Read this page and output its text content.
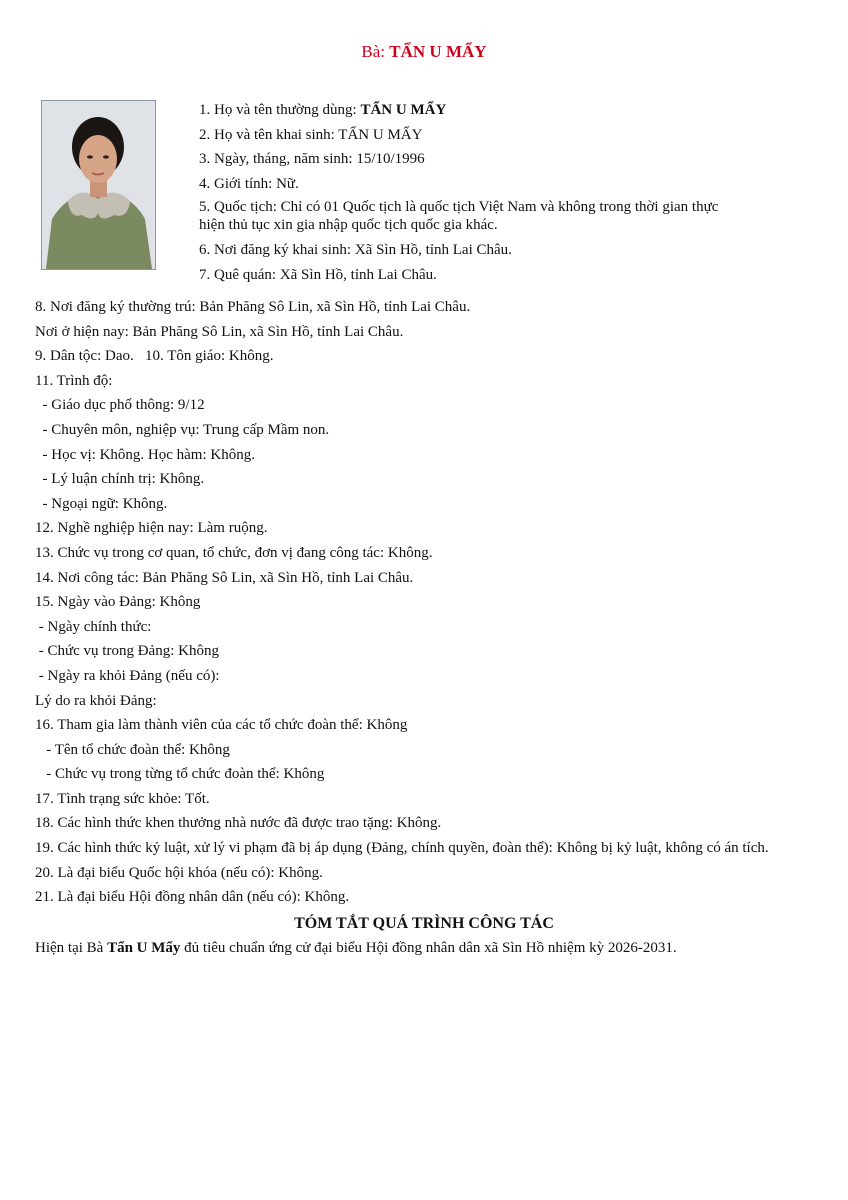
Bà: TẨN U MẨY
1. Họ và tên thường dùng: TẨN U MẨY
2. Họ và tên khai sinh: TẨN U MẨY
3. Ngày, tháng, năm sinh: 15/10/1996
4. Giới tính: Nữ.
5. Quốc tịch: Chỉ có 01 Quốc tịch là quốc tịch Việt Nam và không trong thời gian thực
hiện thủ tục xin gia nhập quốc tịch quốc gia khác.
6. Nơi đăng ký khai sinh: Xã Sìn Hồ, tỉnh Lai Châu.
7. Quê quán: Xã Sìn Hồ, tỉnh Lai Châu.
8. Nơi đăng ký thường trú: Bản Phăng Sô Lin, xã Sìn Hồ, tỉnh Lai Châu.
Nơi ở hiện nay: Bản Phăng Sô Lin, xã Sìn Hồ, tỉnh Lai Châu.
9. Dân tộc: Dao.   10. Tôn giáo: Không.
11. Trình độ:
- Giáo dục phổ thông: 9/12
- Chuyên môn, nghiệp vụ: Trung cấp Mầm non.
- Học vị: Không. Học hàm: Không.
- Lý luận chính trị: Không.
- Ngoại ngữ: Không.
12. Nghề nghiệp hiện nay: Làm ruộng.
13. Chức vụ trong cơ quan, tổ chức, đơn vị đang công tác: Không.
14. Nơi công tác: Bản Phăng Sô Lin, xã Sìn Hồ, tỉnh Lai Châu.
15. Ngày vào Đảng: Không
- Ngày chính thức:
- Chức vụ trong Đảng: Không
- Ngày ra khỏi Đảng (nếu có):
Lý do ra khỏi Đảng:
16. Tham gia làm thành viên của các tổ chức đoàn thể: Không
- Tên tổ chức đoàn thể: Không
- Chức vụ trong từng tổ chức đoàn thể: Không
17. Tình trạng sức khỏe: Tốt.
18. Các hình thức khen thưởng nhà nước đã được trao tặng: Không.
19. Các hình thức kỷ luật, xử lý vi phạm đã bị áp dụng (Đảng, chính quyền, đoàn thể): Không bị kỷ luật, không có án tích.
20. Là đại biểu Quốc hội khóa (nếu có): Không.
21. Là đại biểu Hội đồng nhân dân (nếu có): Không.
TÓM TẮT QUÁ TRÌNH CÔNG TÁC
Hiện tại Bà Tẩn U Mẩy đủ tiêu chuẩn ứng cử đại biểu Hội đồng nhân dân xã Sìn Hồ nhiệm kỳ 2026-2031.
